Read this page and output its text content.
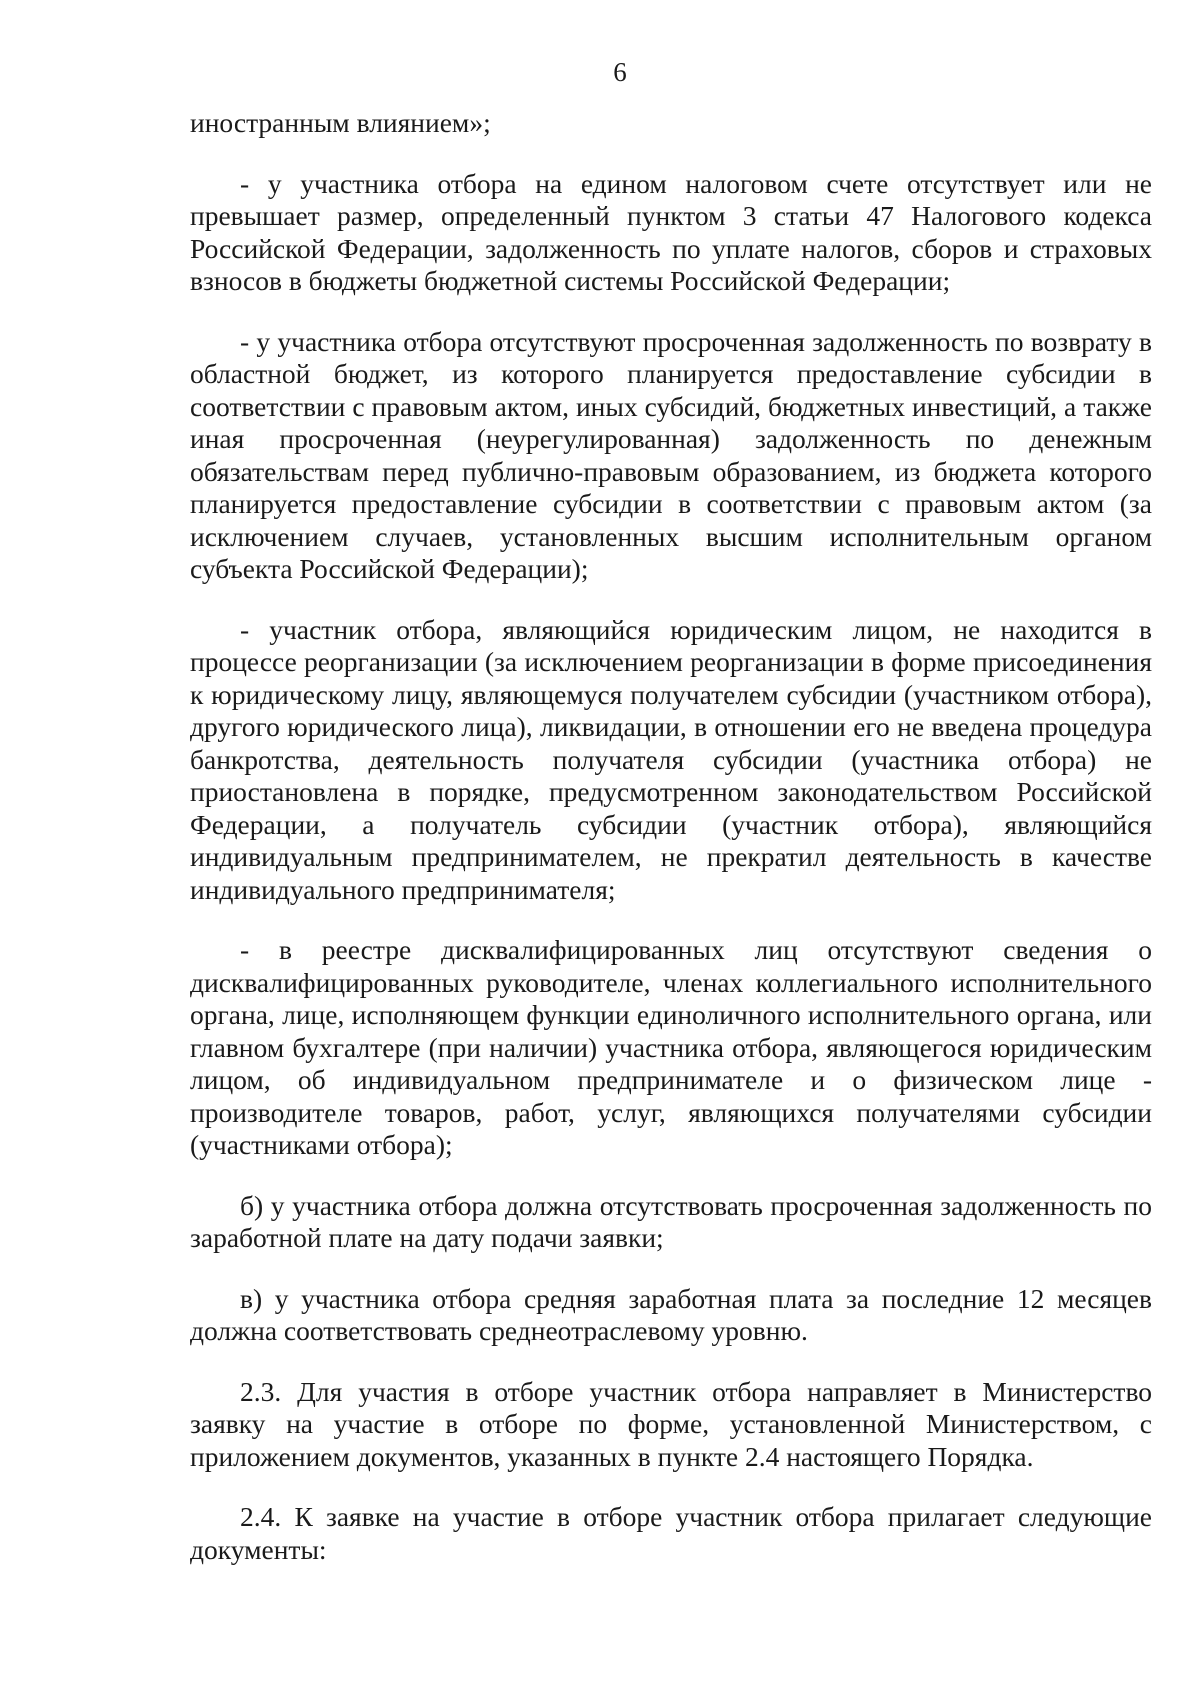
6

иностранным влиянием»;

- у участника отбора на едином налоговом счете отсутствует или не превышает размер, определенный пунктом 3 статьи 47 Налогового кодекса Российской Федерации, задолженность по уплате налогов, сборов и страховых взносов в бюджеты бюджетной системы Российской Федерации;

- у участника отбора отсутствуют просроченная задолженность по возврату в областной бюджет, из которого планируется предоставление субсидии в соответствии с правовым актом, иных субсидий, бюджетных инвестиций, а также иная просроченная (неурегулированная) задолженность по денежным обязательствам перед публично-правовым образованием, из бюджета которого планируется предоставление субсидии в соответствии с правовым актом (за исключением случаев, установленных высшим исполнительным органом субъекта Российской Федерации);

- участник отбора, являющийся юридическим лицом, не находится в процессе реорганизации (за исключением реорганизации в форме присоединения к юридическому лицу, являющемуся получателем субсидии (участником отбора), другого юридического лица), ликвидации, в отношении его не введена процедура банкротства, деятельность получателя субсидии (участника отбора) не приостановлена в порядке, предусмотренном законодательством Российской Федерации, а получатель субсидии (участник отбора), являющийся индивидуальным предпринимателем, не прекратил деятельность в качестве индивидуального предпринимателя;

- в реестре дисквалифицированных лиц отсутствуют сведения о дисквалифицированных руководителе, членах коллегиального исполнительного органа, лице, исполняющем функции единоличного исполнительного органа, или главном бухгалтере (при наличии) участника отбора, являющегося юридическим лицом, об индивидуальном предпринимателе и о физическом лице - производителе товаров, работ, услуг, являющихся получателями субсидии (участниками отбора);

б) у участника отбора должна отсутствовать просроченная задолженность по заработной плате на дату подачи заявки;

в) у участника отбора средняя заработная плата за последние 12 месяцев должна соответствовать среднеотраслевому уровню.

2.3. Для участия в отборе участник отбора направляет в Министерство заявку на участие в отборе по форме, установленной Министерством, с приложением документов, указанных в пункте 2.4 настоящего Порядка.

2.4. К заявке на участие в отборе участник отбора прилагает следующие документы:
